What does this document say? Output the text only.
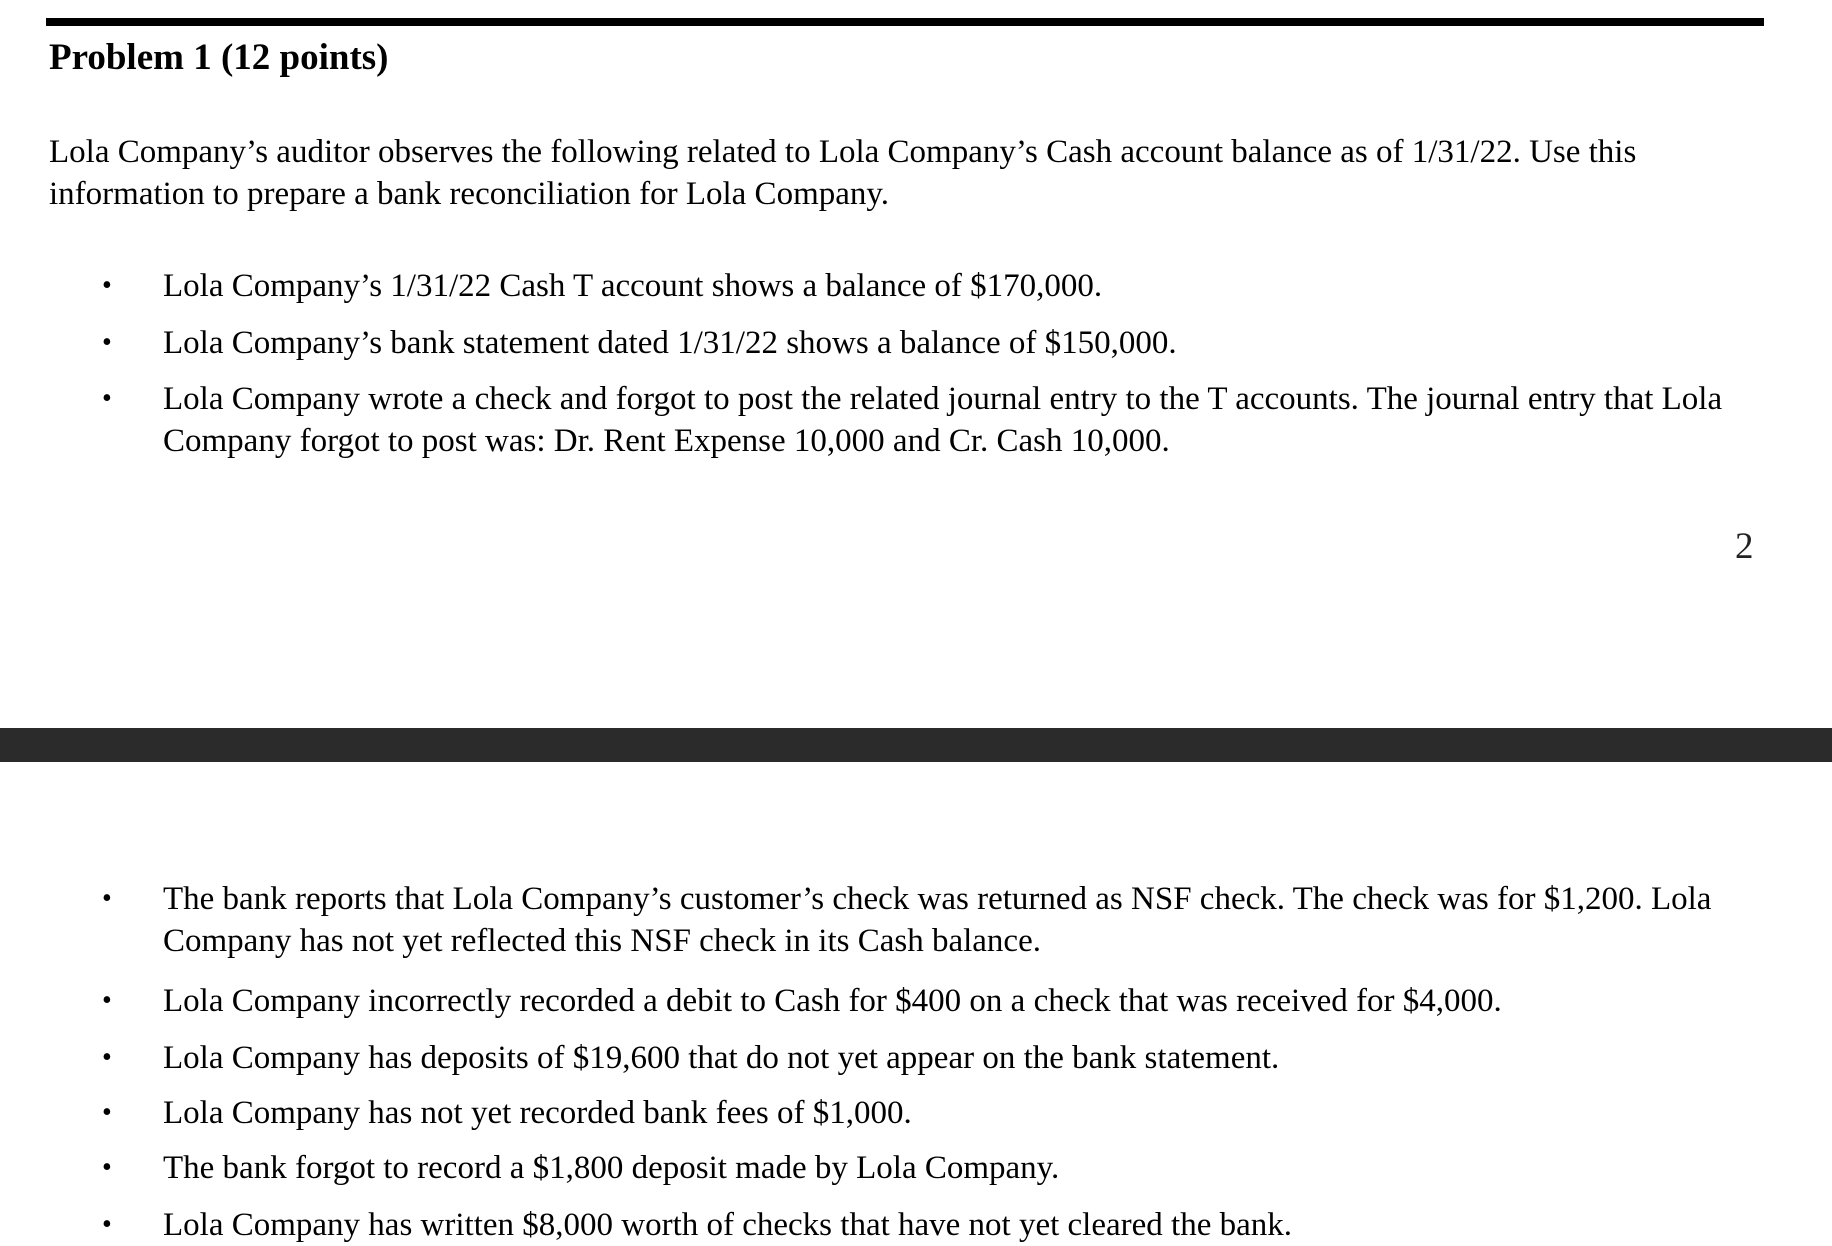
Problem 1 (12 points)
Lola Company’s auditor observes the following related to Lola Company’s Cash account balance as of 1/31/22. Use this information to prepare a bank reconciliation for Lola Company.
• Lola Company’s 1/31/22 Cash T account shows a balance of $170,000.
• Lola Company’s bank statement dated 1/31/22 shows a balance of $150,000.
• Lola Company wrote a check and forgot to post the related journal entry to the T accounts. The journal entry that Lola Company forgot to post was: Dr. Rent Expense 10,000 and Cr. Cash 10,000.
2
• The bank reports that Lola Company’s customer’s check was returned as NSF check. The check was for $1,200. Lola Company has not yet reflected this NSF check in its Cash balance.
• Lola Company incorrectly recorded a debit to Cash for $400 on a check that was received for $4,000.
• Lola Company has deposits of $19,600 that do not yet appear on the bank statement.
• Lola Company has not yet recorded bank fees of $1,000.
• The bank forgot to record a $1,800 deposit made by Lola Company.
• Lola Company has written $8,000 worth of checks that have not yet cleared the bank.
